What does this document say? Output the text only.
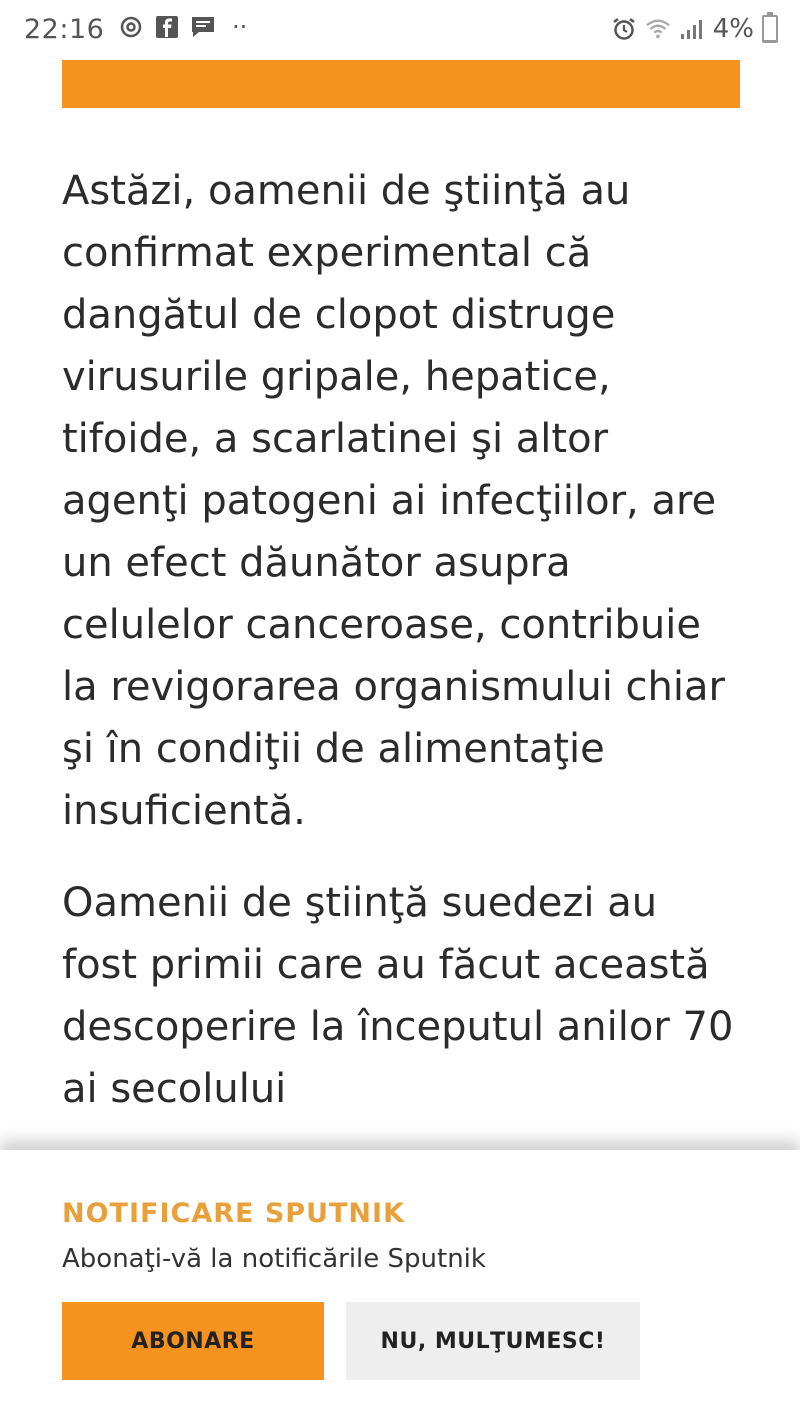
22:16	··	4%

Astăzi, oamenii de ştiinţă au confirmat experimental că dangătul de clopot distruge virusurile gripale, hepatice, tifoide, a scarlatinei şi altor agenţi patogeni ai infecţiilor, are un efect dăunător asupra celulelor canceroase, contribuie la revigorarea organismului chiar şi în condiţii de alimentaţie insuficientă.

Oamenii de ştiinţă suedezi au fost primii care au făcut această descoperire la începutul anilor 70 ai secolului

NOTIFICARE SPUTNIK
Abonaţi-vă la notificările Sputnik
ABONARE	NU, MULŢUMESC!
